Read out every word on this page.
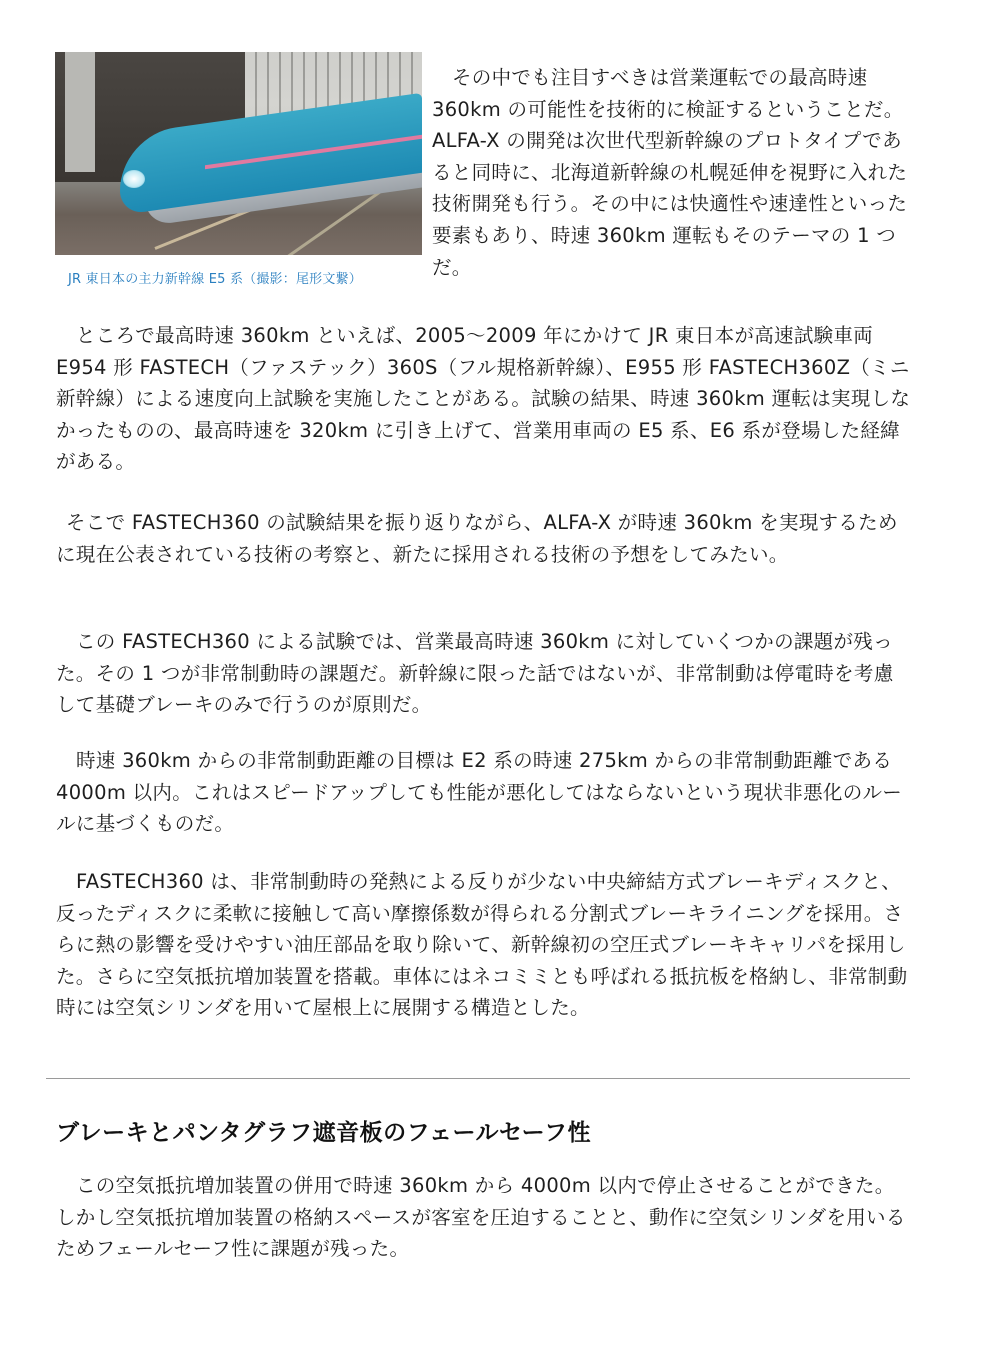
JR 東日本の主力新幹線 E5 系（撮影：尾形文繋）

その中でも注目すべきは営業運転での最高時速 360km の可能性を技術的に検証するということだ。ALFA-X の開発は次世代型新幹線のプロトタイプであると同時に、北海道新幹線の札幌延伸を視野に入れた技術開発も行う。その中には快適性や速達性といった要素もあり、時速 360km 運転もそのテーマの 1 つだ。

ところで最高時速 360km といえば、2005～2009 年にかけて JR 東日本が高速試験車両 E954 形 FASTECH（ファステック）360S（フル規格新幹線）、E955 形 FASTECH360Z（ミニ新幹線）による速度向上試験を実施したことがある。試験の結果、時速 360km 運転は実現しなかったものの、最高時速を 320km に引き上げて、営業用車両の E5 系、E6 系が登場した経緯がある。

そこで FASTECH360 の試験結果を振り返りながら、ALFA-X が時速 360km を実現するために現在公表されている技術の考察と、新たに採用される技術の予想をしてみたい。

この FASTECH360 による試験では、営業最高時速 360km に対していくつかの課題が残った。その 1 つが非常制動時の課題だ。新幹線に限った話ではないが、非常制動は停電時を考慮して基礎ブレーキのみで行うのが原則だ。

時速 360km からの非常制動距離の目標は E2 系の時速 275km からの非常制動距離である 4000m 以内。これはスピードアップしても性能が悪化してはならないという現状非悪化のルールに基づくものだ。

FASTECH360 は、非常制動時の発熱による反りが少ない中央締結方式ブレーキディスクと、反ったディスクに柔軟に接触して高い摩擦係数が得られる分割式ブレーキライニングを採用。さらに熱の影響を受けやすい油圧部品を取り除いて、新幹線初の空圧式ブレーキキャリパを採用した。さらに空気抵抗増加装置を搭載。車体にはネコミミとも呼ばれる抵抗板を格納し、非常制動時には空気シリンダを用いて屋根上に展開する構造とした。

ブレーキとパンタグラフ遮音板のフェールセーフ性

この空気抵抗増加装置の併用で時速 360km から 4000m 以内で停止させることができた。しかし空気抵抗増加装置の格納スペースが客室を圧迫することと、動作に空気シリンダを用いるためフェールセーフ性に課題が残った。
